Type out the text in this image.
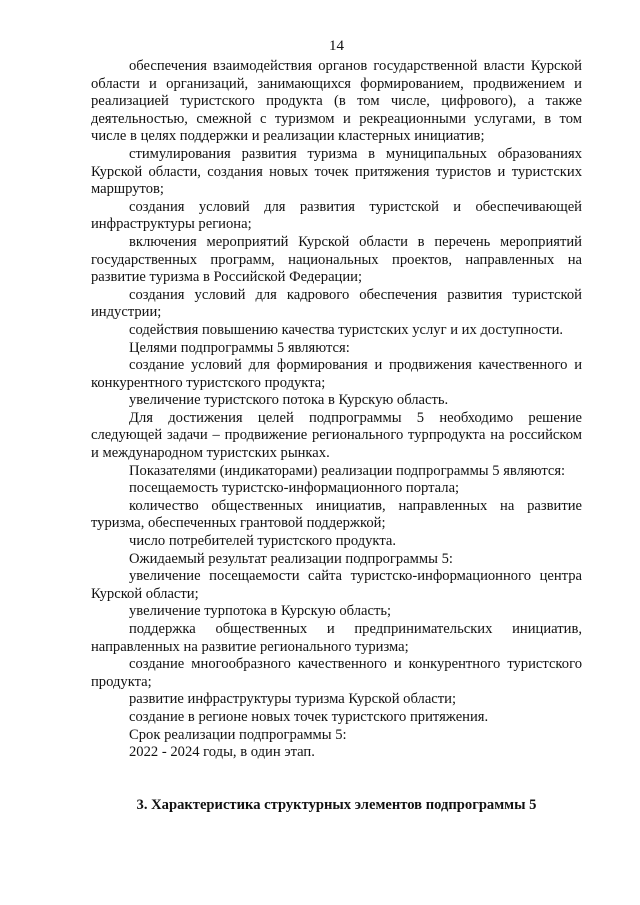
14

обеспечения взаимодействия органов государственной власти Курской области и организаций, занимающихся формированием, продвижением и реализацией туристского продукта (в том числе, цифрового), а также деятельностью, смежной с туризмом и рекреационными услугами, в том числе в целях поддержки и реализации кластерных инициатив;

стимулирования развития туризма в муниципальных образованиях Курской области, создания новых точек притяжения туристов и туристских маршрутов;

создания условий для развития туристской и обеспечивающей инфраструктуры региона;

включения мероприятий Курской области в перечень мероприятий государственных программ, национальных проектов, направленных на развитие туризма в Российской Федерации;

создания условий для кадрового обеспечения развития туристской индустрии;

содействия повышению качества туристских услуг и их доступности.

Целями подпрограммы 5 являются:

создание условий для формирования и продвижения качественного и конкурентного туристского продукта;

увеличение туристского потока в Курскую область.

Для достижения целей подпрограммы 5 необходимо решение следующей задачи – продвижение регионального турпродукта на российском и международном туристских рынках.

Показателями (индикаторами) реализации подпрограммы 5 являются:

посещаемость туристско-информационного портала;

количество общественных инициатив, направленных на развитие туризма, обеспеченных грантовой поддержкой;

число потребителей туристского продукта.

Ожидаемый результат реализации подпрограммы 5:

увеличение посещаемости сайта туристско-информационного центра Курской области;

увеличение турпотока в Курскую область;

поддержка общественных и предпринимательских инициатив, направленных на развитие регионального туризма;

создание многообразного качественного и конкурентного туристского продукта;

развитие инфраструктуры туризма Курской области;

создание в регионе новых точек туристского притяжения.

Срок реализации подпрограммы 5:

2022 - 2024 годы, в один этап.

3. Характеристика структурных элементов подпрограммы 5
